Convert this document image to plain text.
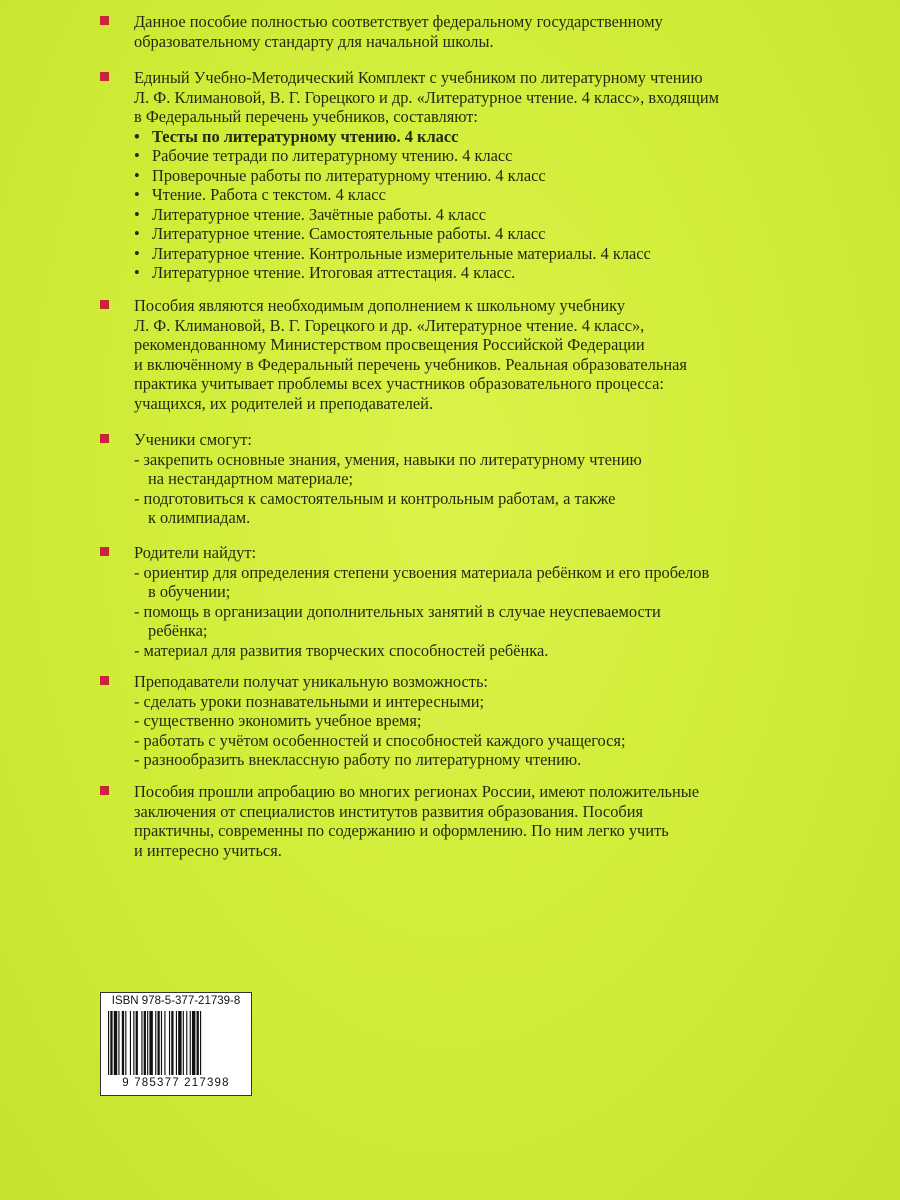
Данное пособие полностью соответствует федеральному государственному
образовательному стандарту для начальной школы.
Единый Учебно-Методический Комплект с учебником по литературному чтению
Л. Ф. Климановой, В. Г. Горецкого и др. «Литературное чтение. 4 класс», входящим
в Федеральный перечень учебников, составляют:
• Тесты по литературному чтению. 4 класс
• Рабочие тетради по литературному чтению. 4 класс
• Проверочные работы по литературному чтению. 4 класс
• Чтение. Работа с текстом. 4 класс
• Литературное чтение. Зачётные работы. 4 класс
• Литературное чтение. Самостоятельные работы. 4 класс
• Литературное чтение. Контрольные измерительные материалы. 4 класс
• Литературное чтение. Итоговая аттестация. 4 класс.
Пособия являются необходимым дополнением к школьному учебнику
Л. Ф. Климановой, В. Г. Горецкого и др. «Литературное чтение. 4 класс»,
рекомендованному Министерством просвещения Российской Федерации
и включённому в Федеральный перечень учебников. Реальная образовательная
практика учитывает проблемы всех участников образовательного процесса:
учащихся, их родителей и преподавателей.
Ученики смогут:
- закрепить основные знания, умения, навыки по литературному чтению
на нестандартном материале;
- подготовиться к самостоятельным и контрольным работам, а также
к олимпиадам.
Родители найдут:
- ориентир для определения степени усвоения материала ребёнком и его пробелов
в обучении;
- помощь в организации дополнительных занятий в случае неуспеваемости
ребёнка;
- материал для развития творческих способностей ребёнка.
Преподаватели получат уникальную возможность:
- сделать уроки познавательными и интересными;
- существенно экономить учебное время;
- работать с учётом особенностей и способностей каждого учащегося;
- разнообразить внеклассную работу по литературному чтению.
Пособия прошли апробацию во многих регионах России, имеют положительные
заключения от специалистов институтов развития образования. Пособия
практичны, современны по содержанию и оформлению. По ним легко учить
и интересно учиться.
ISBN 978-5-377-21739-8
9 785377 217398
